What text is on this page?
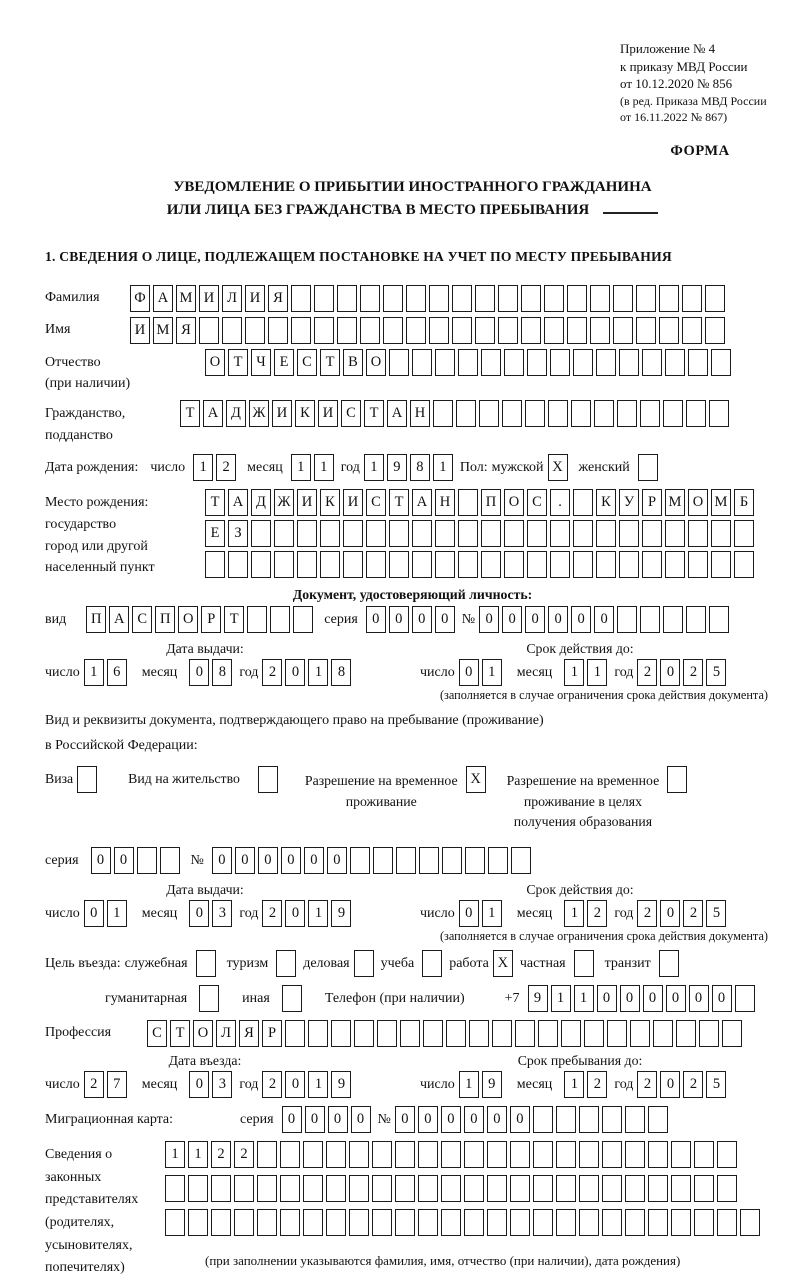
Приложение № 4
к приказу МВД России
от 10.12.2020 № 856
(в ред. Приказа МВД России
от 16.11.2022 № 867)
ФОРМА
УВЕДОМЛЕНИЕ О ПРИБЫТИИ ИНОСТРАННОГО ГРАЖДАНИНА
ИЛИ ЛИЦА БЕЗ ГРАЖДАНСТВА В МЕСТО ПРЕБЫВАНИЯ
1. СВЕДЕНИЯ О ЛИЦЕ, ПОДЛЕЖАЩЕМ ПОСТАНОВКЕ НА УЧЕТ ПО МЕСТУ ПРЕБЫВАНИЯ
Фамилия	Ф А М И Л И Я
Имя	И М Я
Отчество
(при наличии)
О Т Ч Е С Т В О
Гражданство,
подданство
Т А Д Ж И К И С Т А Н
Дата рождения: число 1	2	месяц 1	1 год 1	9	8	1 Пол: мужской X	женский
Место рождения:
государство
город или другой
населенный пункт
Т А Д Ж И К И С Т А Н	П О С	.	К У Р М О М Б
Е	З
Документ, удостоверяющий личность:
вид	П А С П О Р	Т	серия 0	0	0	0 № 0	0	0	0	0	0
Дата выдачи:
число 1	6	месяц	0	8 год 2	0	1	8
Срок действия до:
число 0	1	месяц	1	1 год 2	0	2	5
(заполняется в случае ограничения срока действия документа)
Вид и реквизиты документа, подтверждающего право на пребывание (проживание)
в Российской Федерации:
Виза	Вид на жительство	Разрешение на временное
проживание
X	Разрешение на временное
проживание в целях
получения образования
серия	0	0	№ 0	0	0	0	0	0
Дата выдачи:
число 0	1	месяц	0	3 год 2	0	1	9
Срок действия до:
число 0	1	месяц	1	2 год 2	0	2	5
(заполняется в случае ограничения срока действия документа)
Цель въезда: служебная	туризм	деловая учеба	работа X частная	транзит
гуманитарная	иная	Телефон (при наличии)	+7 9	1	1	0	0	0	0	0	0
Профессия	С Т О Л Я Р
Дата въезда:
число 2	7	месяц	0	3 год 2	0	1	9
Срок пребывания до:
число 1	9	месяц	1	2 год 2	0	2	5
Миграционная карта:	серия 0	0	0	0 № 0	0	0	0	0	0
Сведения о
законных
представителях
(родителях,
усыновителях,
попечителях)
1	1	2	2
(при заполнении указываются фамилия, имя, отчество (при наличии), дата рождения)
